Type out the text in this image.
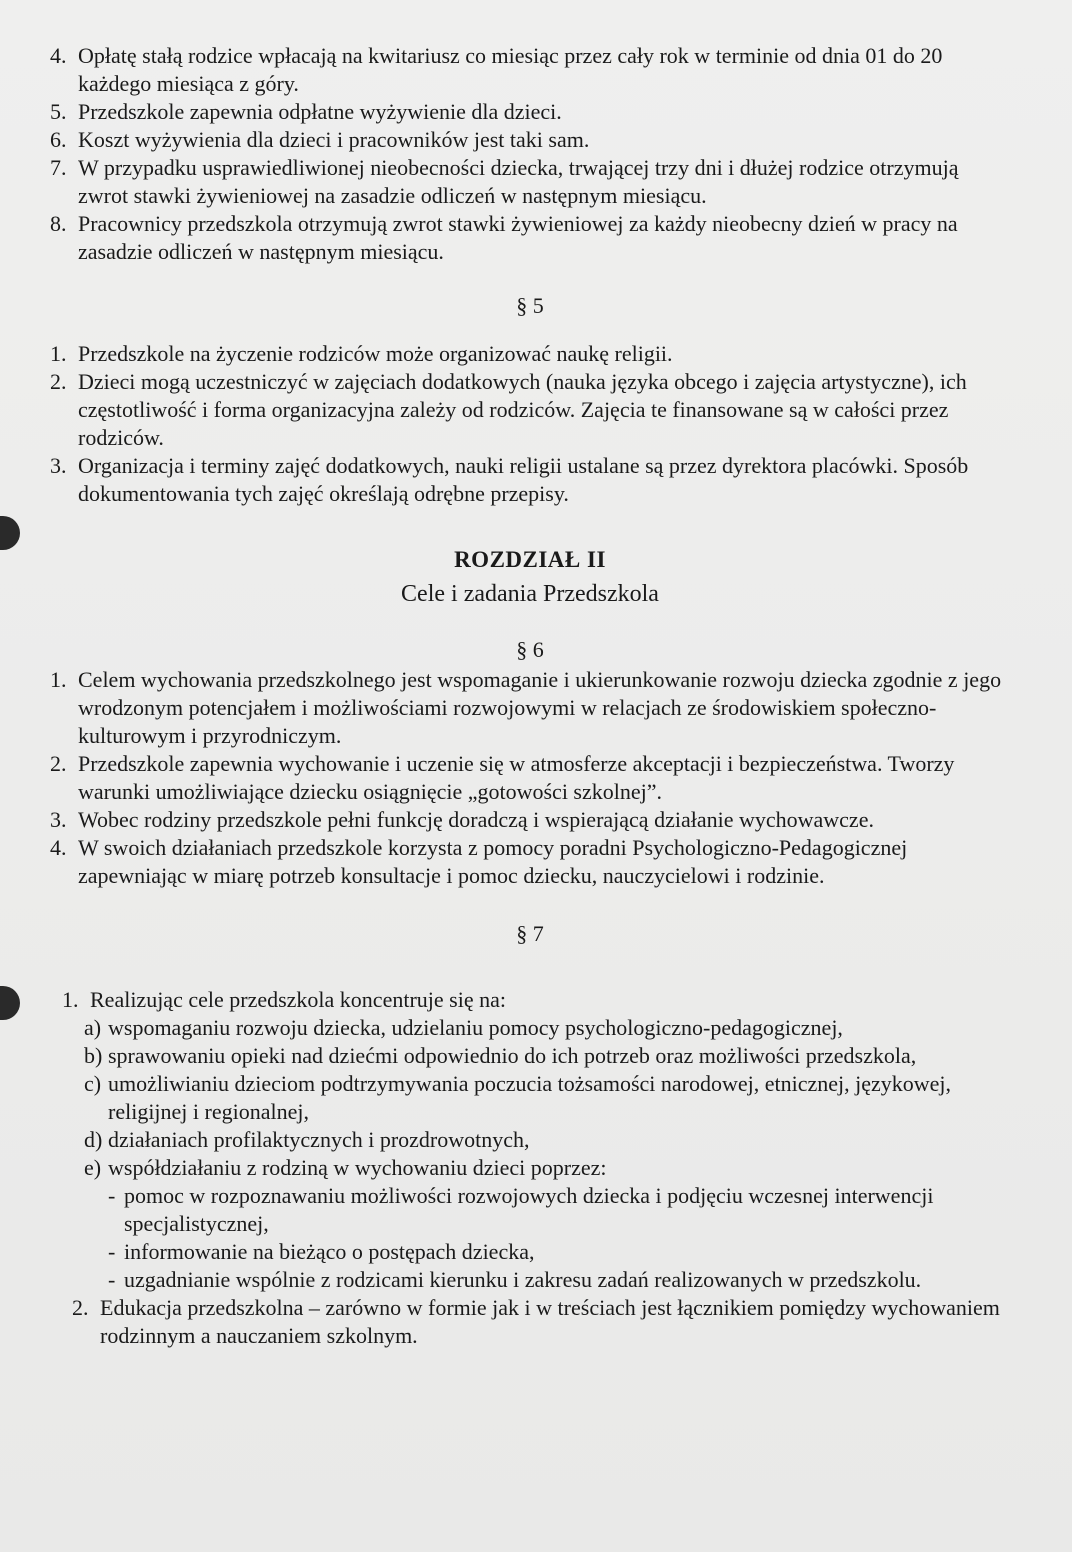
4. Opłatę stałą rodzice wpłacają na kwitariusz co miesiąc przez cały rok w terminie od dnia 01 do 20 każdego miesiąca z góry.
5. Przedszkole zapewnia odpłatne wyżywienie dla dzieci.
6. Koszt wyżywienia dla dzieci i pracowników jest taki sam.
7. W przypadku usprawiedliwionej nieobecności dziecka, trwającej trzy dni i dłużej rodzice otrzymują zwrot stawki żywieniowej na zasadzie odliczeń w następnym miesiącu.
8. Pracownicy przedszkola otrzymują zwrot stawki żywieniowej za każdy nieobecny dzień w pracy na zasadzie odliczeń w następnym miesiącu.
§ 5
1. Przedszkole na życzenie rodziców może organizować naukę religii.
2. Dzieci mogą uczestniczyć w zajęciach dodatkowych (nauka języka obcego i zajęcia artystyczne), ich częstotliwość i forma organizacyjna zależy od rodziców. Zajęcia te finansowane są w całości przez rodziców.
3. Organizacja i terminy zajęć dodatkowych, nauki religii ustalane są przez dyrektora placówki. Sposób dokumentowania tych zajęć określają odrębne przepisy.
ROZDZIAŁ II
Cele i zadania Przedszkola
§ 6
1. Celem wychowania przedszkolnego jest wspomaganie i ukierunkowanie rozwoju dziecka zgodnie z jego wrodzonym potencjałem i możliwościami rozwojowymi w relacjach ze środowiskiem społeczno-kulturowym i przyrodniczym.
2. Przedszkole zapewnia wychowanie i uczenie się w atmosferze akceptacji i bezpieczeństwa. Tworzy warunki umożliwiające dziecku osiągnięcie „gotowości szkolnej”.
3. Wobec rodziny przedszkole pełni funkcję doradczą i wspierającą działanie wychowawcze.
4. W swoich działaniach przedszkole korzysta z pomocy poradni Psychologiczno-Pedagogicznej zapewniając w miarę potrzeb konsultacje i pomoc dziecku, nauczycielowi i rodzinie.
§ 7
1. Realizując cele przedszkola koncentruje się na:
a) wspomaganiu rozwoju dziecka, udzielaniu pomocy psychologiczno-pedagogicznej,
b) sprawowaniu opieki nad dziećmi odpowiednio do ich potrzeb oraz możliwości przedszkola,
c) umożliwianiu dzieciom podtrzymywania poczucia tożsamości narodowej, etnicznej, językowej, religijnej i regionalnej,
d) działaniach profilaktycznych i prozdrowotnych,
e) współdziałaniu z rodziną w wychowaniu dzieci poprzez:
- pomoc w rozpoznawaniu możliwości rozwojowych dziecka i podjęciu wczesnej interwencji specjalistycznej,
- informowanie na bieżąco o postępach dziecka,
- uzgadnianie wspólnie z rodzicami kierunku i zakresu zadań realizowanych w przedszkolu.
2. Edukacja przedszkolna – zarówno w formie jak i w treściach jest łącznikiem pomiędzy wychowaniem rodzinnym a nauczaniem szkolnym.
